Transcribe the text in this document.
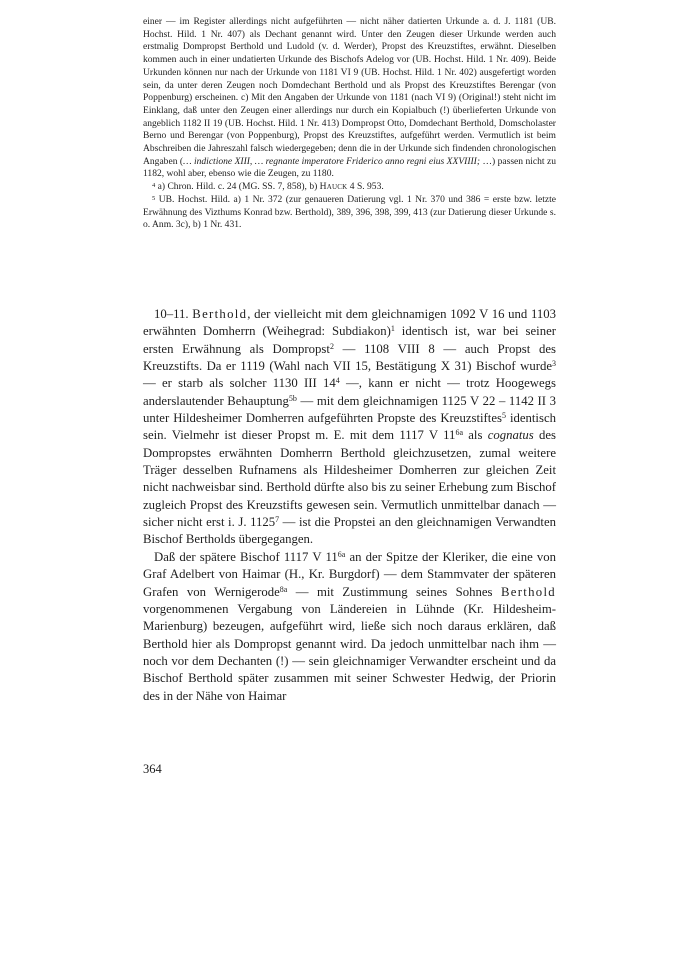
einer — im Register allerdings nicht aufgeführten — nicht näher datierten Urkunde a. d. J. 1181 (UB. Hochst. Hild. 1 Nr. 407) als Dechant genannt wird. Unter den Zeugen dieser Urkunde werden auch erstmalig Dompropst Berthold und Ludold (v. d. Werder), Propst des Kreuzstiftes, erwähnt. Dieselben kommen auch in einer undatierten Urkunde des Bischofs Adelog vor (UB. Hochst. Hild. 1 Nr. 409). Beide Urkunden können nur nach der Urkunde von 1181 VI 9 (UB. Hochst. Hild. 1 Nr. 402) ausgefertigt worden sein, da unter deren Zeugen noch Domdechant Berthold und als Propst des Kreuzstiftes Berengar (von Poppenburg) erscheinen. c) Mit den Angaben der Urkunde von 1181 (nach VI 9) (Original!) steht nicht im Einklang, daß unter den Zeugen einer allerdings nur durch ein Kopialbuch (!) überlieferten Urkunde von angeblich 1182 II 19 (UB. Hochst. Hild. 1 Nr. 413) Dompropst Otto, Domdechant Berthold, Domscholaster Berno und Berengar (von Poppenburg), Propst des Kreuzstiftes, aufgeführt werden. Vermutlich ist beim Abschreiben die Jahreszahl falsch wiedergegeben; denn die in der Urkunde sich findenden chronologischen Angaben (… indictione XIII, … regnante imperatore Friderico anno regni eius XXVIIII; …) passen nicht zu 1182, wohl aber, ebenso wie die Zeugen, zu 1180.

$^4$ a) Chron. Hild. c. 24 (MG. SS. 7, 858), b) Hauck 4 S. 953.

$^5$ UB. Hochst. Hild. a) 1 Nr. 372 (zur genaueren Datierung vgl. 1 Nr. 370 und 386 = erste bzw. letzte Erwähnung des Vizthums Konrad bzw. Berthold), 389, 396, 398, 399, 413 (zur Datierung dieser Urkunde s. o. Anm. 3c), b) 1 Nr. 431.

10–11. Berthold, der vielleicht mit dem gleichnamigen 1092 V 16 und 1103 erwähnten Domherrn (Weihegrad: Subdiakon)$^1$ identisch ist, war bei seiner ersten Erwähnung als Dompropst$^2$ — 1108 VIII 8 — auch Propst des Kreuzstifts. Da er 1119 (Wahl nach VII 15, Bestätigung X 31) Bischof wurde$^3$ — er starb als solcher 1130 III $14^4$ —, kann er nicht — trotz Hoogewegs anderslautender Behauptung$^{5b}$ — mit dem gleichnamigen 1125 V 22 – 1142 II 3 unter Hildesheimer Domherren aufgeführten Propste des Kreuzstiftes$^5$ identisch sein. Vielmehr ist dieser Propst m. E. mit dem 1117 V $11^{6a}$ als cognatus des Dompropstes erwähnten Domherrn Berthold gleichzusetzen, zumal weitere Träger desselben Rufnamens als Hildesheimer Domherren zur gleichen Zeit nicht nachweisbar sind. Berthold dürfte also bis zu seiner Erhebung zum Bischof zugleich Propst des Kreuzstifts gewesen sein. Vermutlich unmittelbar danach — sicher nicht erst i. J. 1125$^7$ — ist die Propstei an den gleichnamigen Verwandten Bischof Bertholds übergegangen.

Daß der spätere Bischof 1117 V $11^{6a}$ an der Spitze der Kleriker, die eine von Graf Adelbert von Haimar (H., Kr. Burgdorf) — dem Stammvater der späteren Grafen von Wernigerode$^{8a}$ — mit Zustimmung seines Sohnes Berthold vorgenommenen Vergabung von Ländereien in Lühnde (Kr. Hildesheim-Marienburg) bezeugen, aufgeführt wird, ließe sich noch daraus erklären, daß Berthold hier als Dompropst genannt wird. Da jedoch unmittelbar nach ihm — noch vor dem Dechanten (!) — sein gleichnamiger Verwandter erscheint und da Bischof Berthold später zusammen mit seiner Schwester Hedwig, der Priorin des in der Nähe von Haimar

364
